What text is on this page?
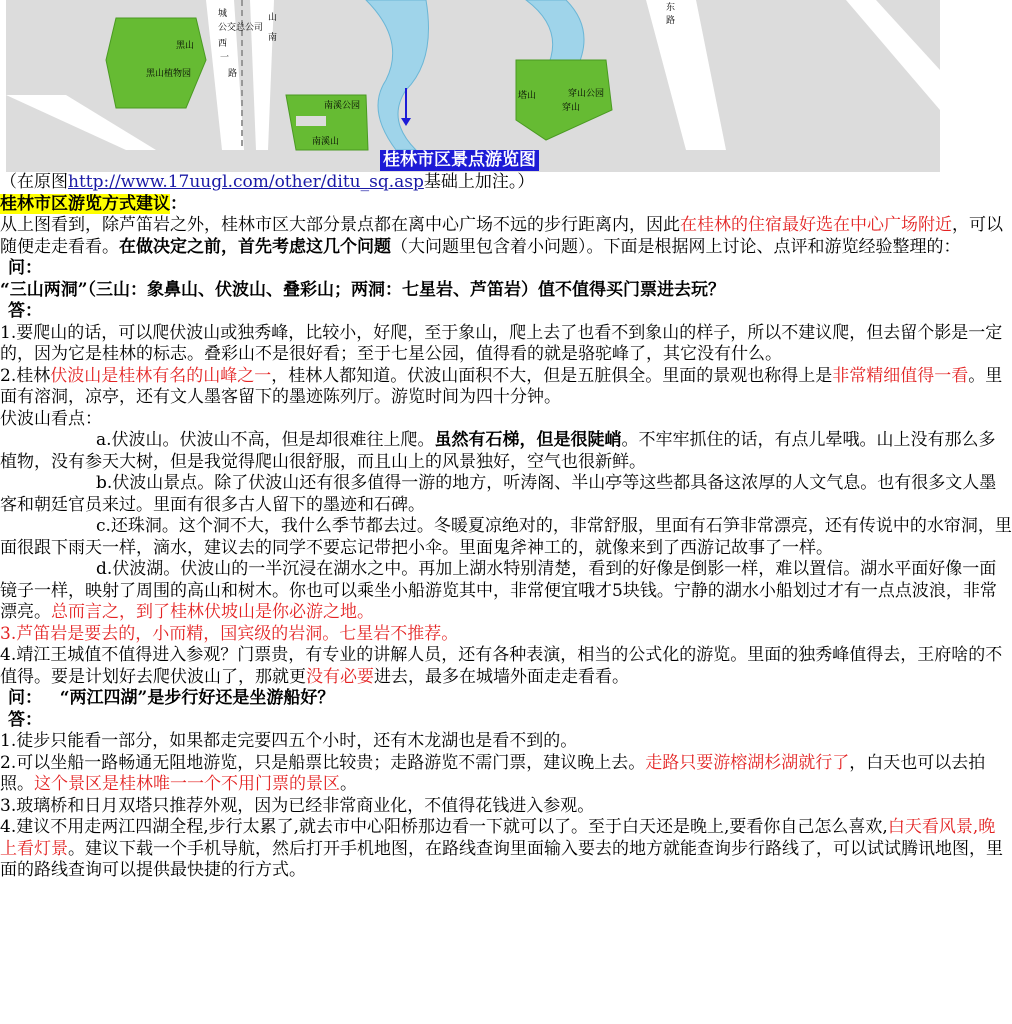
公交总公司
城	山
南
西
一
路
黑山
黑山植物园
南溪公园
南溪山
塔山	穿山公园
穿山
东
路
桂林市区景点游览图

（在原图http://www.17uugl.com/other/ditu_sq.asp基础上加注。）

桂林市区游览方式建议：

从上图看到，除芦笛岩之外，桂林市区大部分景点都在离中心广场不远的步行距离内，因此在桂林的住宿最好选在中心广场附近，可以随便走走看看。在做决定之前，首先考虑这几个问题（大问题里包含着小问题）。下面是根据网上讨论、点评和游览经验整理的：

问：

“三山两洞”（三山：象鼻山、伏波山、叠彩山；两洞：七星岩、芦笛岩）值不值得买门票进去玩？

答：

1.要爬山的话，可以爬伏波山或独秀峰，比较小，好爬，至于象山，爬上去了也看不到象山的样子，所以不建议爬，但去留个影是一定的，因为它是桂林的标志。叠彩山不是很好看；至于七星公园，值得看的就是骆驼峰了，其它没有什么。

2.桂林伏波山是桂林有名的山峰之一，桂林人都知道。伏波山面积不大，但是五脏俱全。里面的景观也称得上是非常精细值得一看。里面有溶洞，凉亭，还有文人墨客留下的墨迹陈列厅。游览时间为四十分钟。

伏波山看点：

a.伏波山。伏波山不高，但是却很难往上爬。虽然有石梯，但是很陡峭。不牢牢抓住的话，有点儿晕哦。山上没有那么多植物，没有参天大树，但是我觉得爬山很舒服，而且山上的风景独好，空气也很新鲜。

b.伏波山景点。除了伏波山还有很多值得一游的地方，听涛阁、半山亭等这些都具备这浓厚的人文气息。也有很多文人墨客和朝廷官员来过。里面有很多古人留下的墨迹和石碑。

c.还珠洞。这个洞不大，我什么季节都去过。冬暖夏凉绝对的，非常舒服，里面有石笋非常漂亮，还有传说中的水帘洞，里面很跟下雨天一样，滴水，建议去的同学不要忘记带把小伞。里面鬼斧神工的，就像来到了西游记故事了一样。

d.伏波湖。伏波山的一半沉浸在湖水之中。再加上湖水特别清楚，看到的好像是倒影一样，难以置信。湖水平面好像一面镜子一样，映射了周围的高山和树木。你也可以乘坐小船游览其中，非常便宜哦才5块钱。宁静的湖水小船划过才有一点点波浪，非常漂亮。总而言之，到了桂林伏坡山是你必游之地。

3.芦笛岩是要去的，小而精，国宾级的岩洞。七星岩不推荐。

4.靖江王城值不值得进入参观？门票贵，有专业的讲解人员，还有各种表演，相当的公式化的游览。里面的独秀峰值得去，王府啥的不值得。要是计划好去爬伏波山了，那就更没有必要进去，最多在城墙外面走走看看。

问： “两江四湖”是步行好还是坐游船好？

答：

1.徒步只能看一部分，如果都走完要四五个小时，还有木龙湖也是看不到的。

2.可以坐船一路畅通无阻地游览，只是船票比较贵；走路游览不需门票，建议晚上去。走路只要游榕湖杉湖就行了，白天也可以去拍照。这个景区是桂林唯一一个不用门票的景区。

3.玻璃桥和日月双塔只推荐外观，因为已经非常商业化，不值得花钱进入参观。

4.建议不用走两江四湖全程,步行太累了,就去市中心阳桥那边看一下就可以了。至于白天还是晚上,要看你自己怎么喜欢,白天看风景,晚上看灯景。建议下载一个手机导航，然后打开手机地图，在路线查询里面输入要去的地方就能查询步行路线了，可以试试腾讯地图，里面的路线查询可以提供最快捷的行方式。
